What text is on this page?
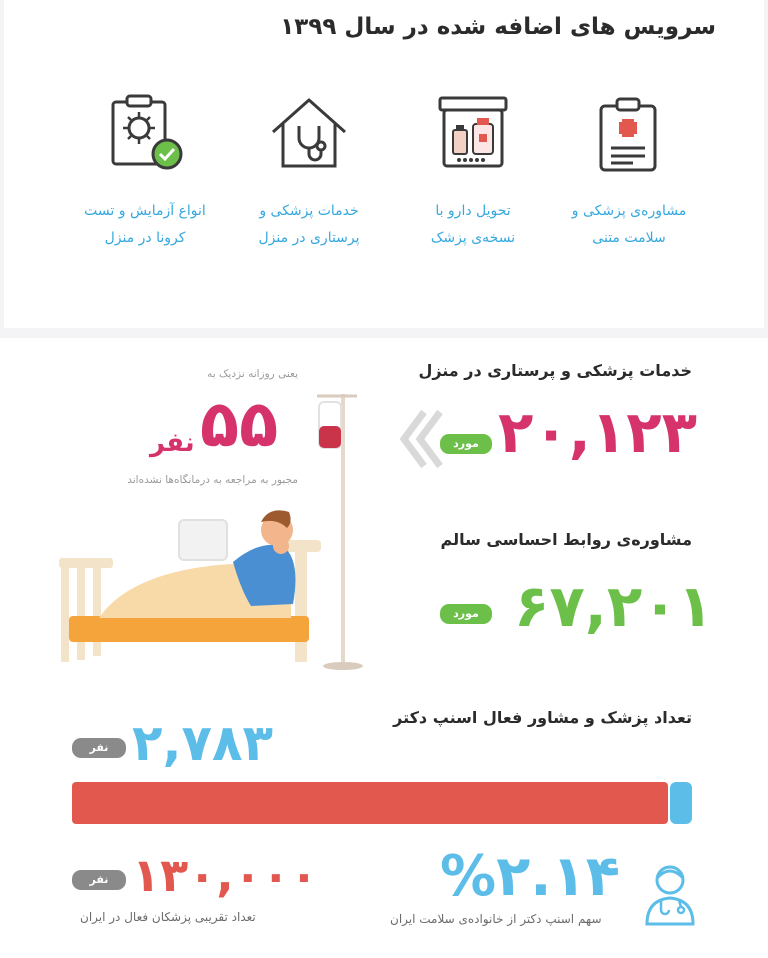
سرویس های اضافه شده در سال ۱۳۹۹
مشاوره‌ی پزشکی و
سلامت متنی
تحویل دارو با
نسخه‌ی پزشک
خدمات پزشکی و
پرستاری در منزل
انواع آزمایش و تست
کرونا در منزل
خدمات پزشکی و پرستاری در منزل
۲۰,۱۲۳
مورد
یعنی روزانه نزدیک به
۵۵
نفر
مجبور به مراجعه به درمانگاه‌ها نشده‌اند
مشاوره‌ی روابط احساسی سالم
۶۷,۲۰۱
مورد
تعداد پزشک و مشاور فعال اسنپ دکتر
نفر ۲,۷۸۳
نفر ۱۳۰,۰۰۰
تعداد تقریبی پزشکان فعال در ایران
%۲.۱۴
سهم اسنپ دکتر از خانواده‌ی سلامت ایران
